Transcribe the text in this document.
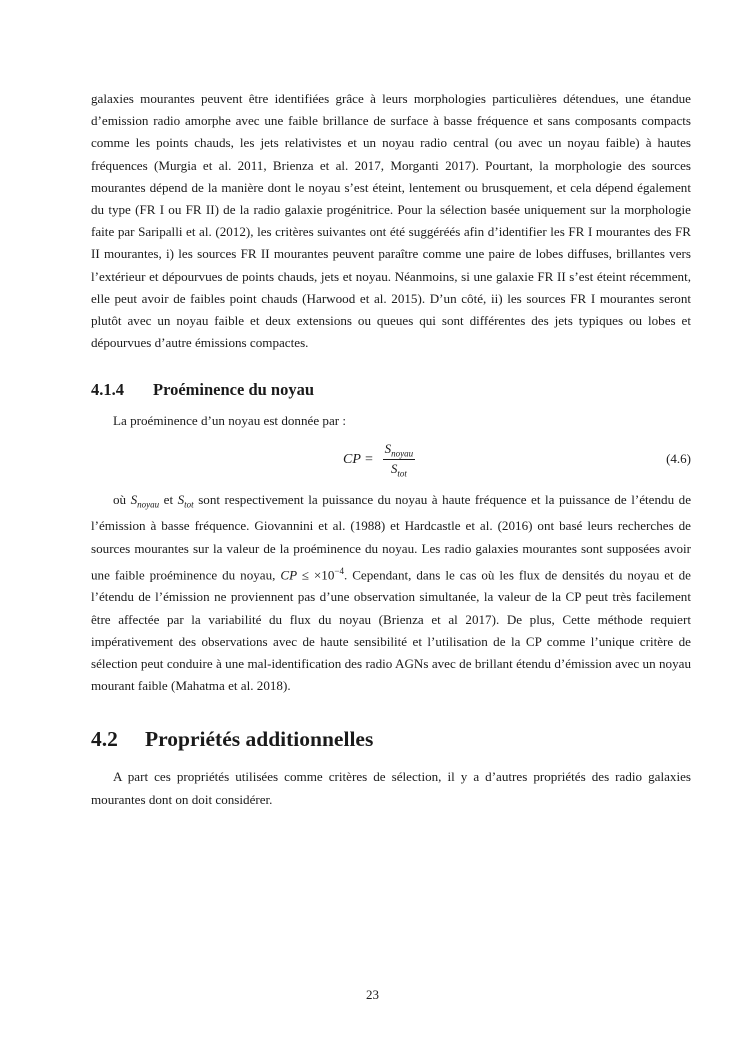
galaxies mourantes peuvent être identifiées grâce à leurs morphologies particulières détendues, une étandue d’emission radio amorphe avec une faible brillance de surface à basse fréquence et sans composants compacts comme les points chauds, les jets relativistes et un noyau radio central (ou avec un noyau faible) à hautes fréquences (Murgia et al. 2011, Brienza et al. 2017, Morganti 2017). Pourtant, la morphologie des sources mourantes dépend de la manière dont le noyau s’est éteint, lentement ou brusquement, et cela dépend également du type (FR I ou FR II) de la radio galaxie progénitrice. Pour la sélection basée uniquement sur la morphologie faite par Saripalli et al. (2012), les critères suivantes ont été suggéréés afin d’identifier les FR I mourantes des FR II mourantes, i) les sources FR II mourantes peuvent paraître comme une paire de lobes diffuses, brillantes vers l’extérieur et dépourvues de points chauds, jets et noyau. Néanmoins, si une galaxie FR II s’est éteint récemment, elle peut avoir de faibles point chauds (Harwood et al. 2015). D’un côté, ii) les sources FR I mourantes seront plutôt avec un noyau faible et deux extensions ou queues qui sont différentes des jets typiques ou lobes et dépourvues d’autre émissions compactes.

4.1.4 Proéminence du noyau

La proéminence d’un noyau est donnée par :

CP = $\frac{S_{noyau}}{S_{tot}}$	(4.6)

où $S_{noyau}$ et $S_{tot}$ sont respectivement la puissance du noyau à haute fréquence et la puissance de l’étendu de l’émission à basse fréquence. Giovannini et al. (1988) et Hardcastle et al. (2016) ont basé leurs recherches de sources mourantes sur la valeur de la proéminence du noyau. Les radio galaxies mourantes sont supposées avoir une faible proéminence du noyau, CP ≤ $\times 10^{-4}$. Cependant, dans le cas où les flux de densités du noyau et de l’étendu de l’émission ne proviennent pas d’une observation simultanée, la valeur de la CP peut très facilement être affectée par la variabilité du flux du noyau (Brienza et al 2017). De plus, Cette méthode requiert impérativement des observations avec de haute sensibilité et l’utilisation de la CP comme l’unique critère de sélection peut conduire à une mal-identification des radio AGNs avec de brillant étendu d’émission avec un noyau mourant faible (Mahatma et al. 2018).

4.2 Propriétés additionnelles

A part ces propriétés utilisées comme critères de sélection, il y a d’autres propriétés des radio galaxies mourantes dont on doit considérer.

23
